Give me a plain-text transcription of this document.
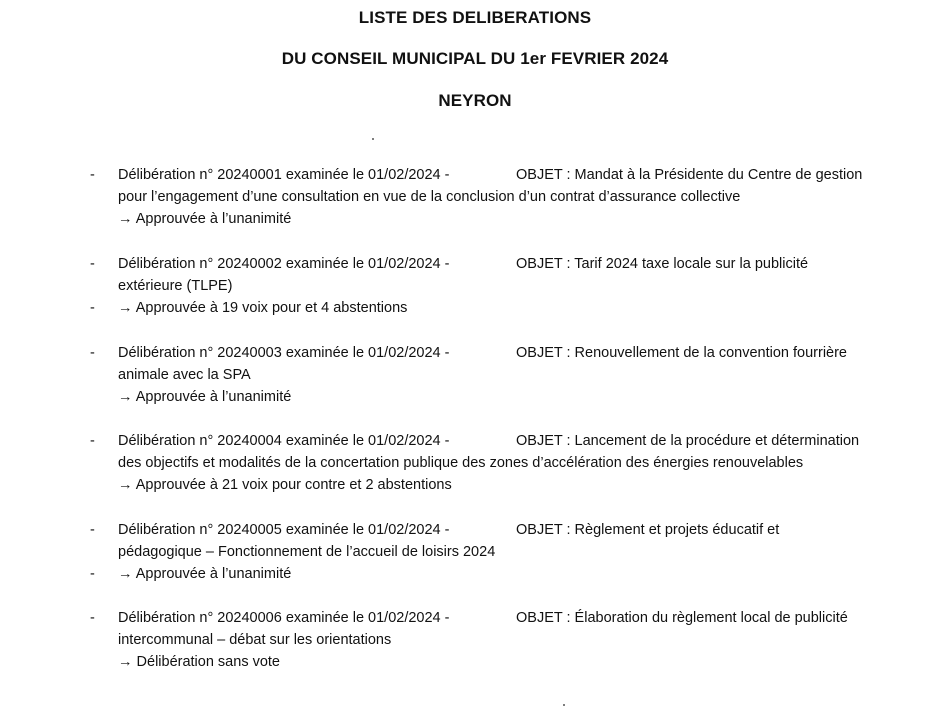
LISTE DES DELIBERATIONS
DU CONSEIL MUNICIPAL DU 1er FEVRIER 2024
NEYRON
- Délibération n° 20240001 examinée le 01/02/2024 -	OBJET : Mandat à la Présidente du Centre de gestion
pour l’engagement d’une consultation en vue de la conclusion d’un contrat d’assurance collective
→ Approuvée à l’unanimité
- Délibération n° 20240002 examinée le 01/02/2024 -	OBJET : Tarif 2024 taxe locale sur la publicité
extérieure (TLPE)
- → Approuvée à 19 voix pour et 4 abstentions
- Délibération n° 20240003 examinée le 01/02/2024 -	OBJET : Renouvellement de la convention fourrière
animale avec la SPA
→ Approuvée à l’unanimité
- Délibération n° 20240004 examinée le 01/02/2024 -	OBJET : Lancement de la procédure et détermination
des objectifs et modalités de la concertation publique des zones d’accélération des énergies renouvelables
→ Approuvée à 21 voix pour contre et 2 abstentions
- Délibération n° 20240005 examinée le 01/02/2024 -	OBJET : Règlement et projets éducatif et
pédagogique – Fonctionnement de l’accueil de loisirs 2024
- → Approuvée à l’unanimité
- Délibération n° 20240006 examinée le 01/02/2024 -	OBJET : Élaboration du règlement local de publicité
intercommunal – débat sur les orientations
→ Délibération sans vote
